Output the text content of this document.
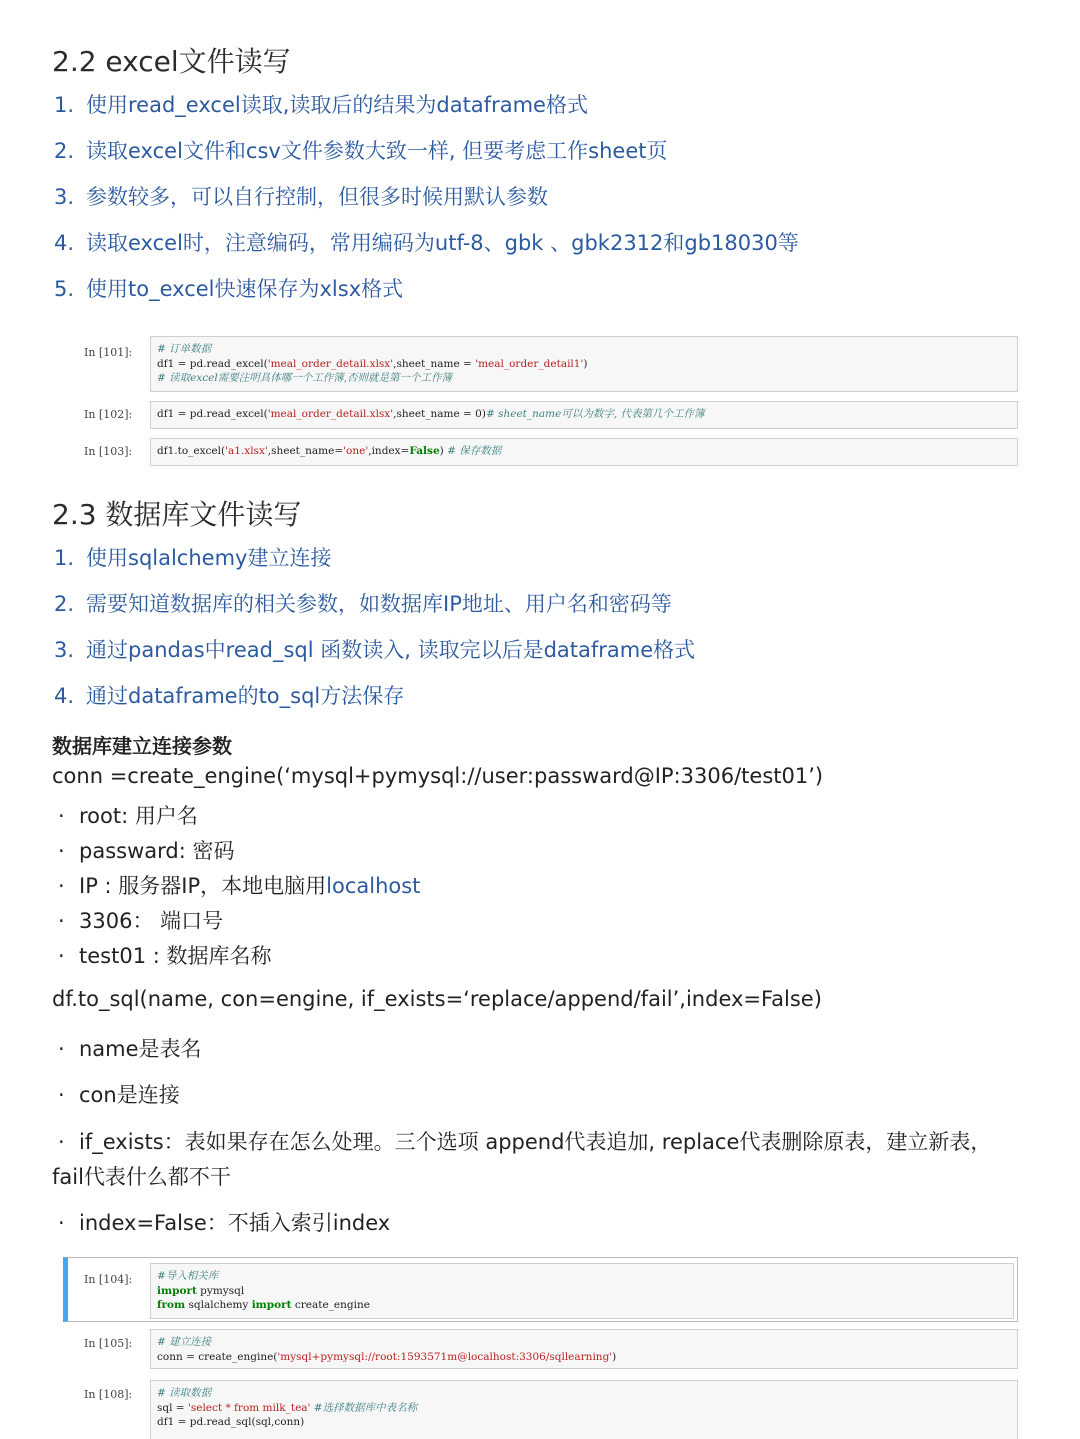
2.2 excel文件读写
1. 使用read_excel读取,读取后的结果为dataframe格式
2. 读取excel文件和csv文件参数大致一样, 但要考虑工作sheet页
3. 参数较多，可以自行控制，但很多时候用默认参数
4. 读取excel时，注意编码，常用编码为utf-8、gbk 、gbk2312和gb18030等
5. 使用to_excel快速保存为xlsx格式
In [101]:	# 订单数据
df1 = pd.read_excel('meal_order_detail.xlsx',sheet_name = 'meal_order_detail1')
# 读取excel需要注明具体哪一个工作簿,否则就是第一个工作簿
In [102]:	df1 = pd.read_excel('meal_order_detail.xlsx',sheet_name = 0)# sheet_name可以为数字, 代表第几个工作簿
In [103]:	df1.to_excel('a1.xlsx',sheet_name='one',index=False) # 保存数据
2.3 数据库文件读写
1. 使用sqlalchemy建立连接
2. 需要知道数据库的相关参数，如数据库IP地址、用户名和密码等
3. 通过pandas中read_sql 函数读入, 读取完以后是dataframe格式
4. 通过dataframe的to_sql方法保存
数据库建立连接参数
conn =create_engine(‘mysql+pymysql://user:passward@IP:3306/test01’)
· root: 用户名
· passward: 密码
· IP : 服务器IP，本地电脑用localhost
· 3306： 端口号
· test01 : 数据库名称
df.to_sql(name, con=engine, if_exists=‘replace/append/fail’,index=False)
· name是表名
· con是连接
· if_exists：表如果存在怎么处理。三个选项 append代表追加, replace代表删除原表，建立新表，
fail代表什么都不干
· index=False：不插入索引index
In [104]:	#导入相关库
import pymysql
from sqlalchemy import create_engine
In [105]:	# 建立连接
conn = create_engine('mysql+pymysql://root:1593571m@localhost:3306/sqllearning')
In [108]:	# 读取数据
sql = 'select * from milk_tea' #选择数据库中表名称
df1 = pd.read_sql(sql,conn)
